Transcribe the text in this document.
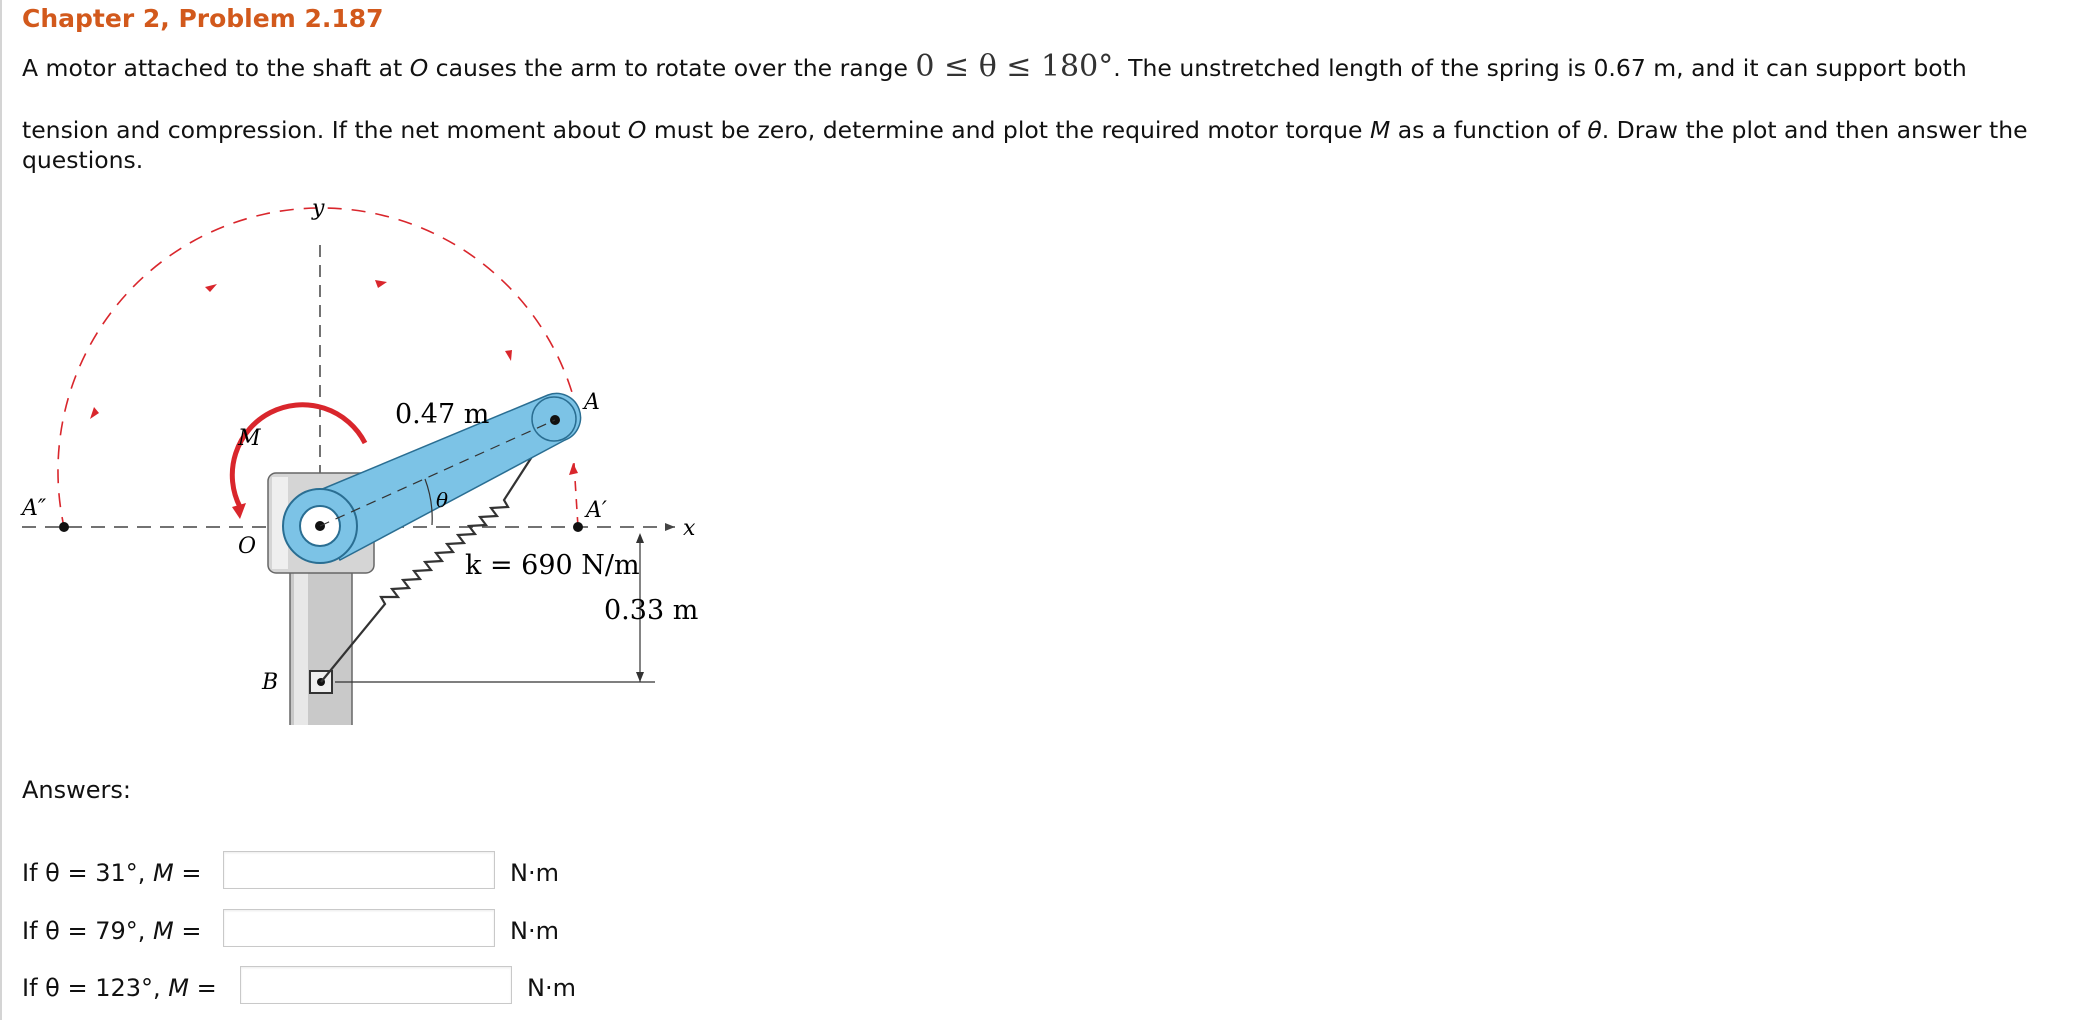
Chapter 2, Problem 2.187
A motor attached to the shaft at O causes the arm to rotate over the range 0 ≤ θ ≤ 180°. The unstretched length of the spring is 0.67 m, and it can support both
tension and compression. If the net moment about O must be zero, determine and plot the required motor torque M as a function of θ. Draw the plot and then answer the
questions.
y
x
A
A′
A″
M
O
B
θ
0.47 m
k = 690 N/m
0.33 m
Answers:
If θ = 31°, M =	N·m
If θ = 79°, M =	N·m
If θ = 123°, M =	N·m
